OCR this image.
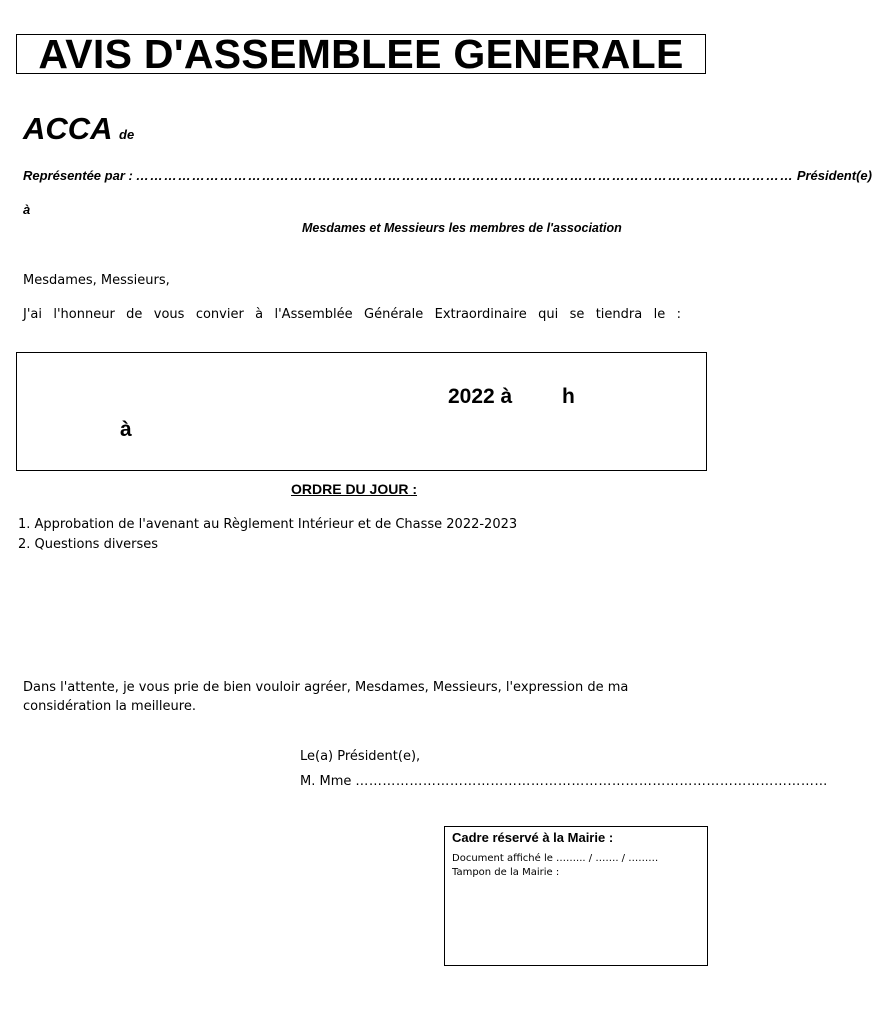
AVIS D'ASSEMBLEE GENERALE
ACCA de
Représentée par : …………………………………………………………………………………………………………………………… Président(e)
à
Mesdames et Messieurs les membres de l'association
Mesdames, Messieurs,
J'ai l'honneur de vous convier à l'Assemblée Générale Extraordinaire qui se tiendra le :
2022 à h
à
ORDRE DU JOUR :
1. Approbation de l'avenant au Règlement Intérieur et de Chasse 2022-2023
2. Questions diverses
Dans l'attente, je vous prie de bien vouloir agréer, Mesdames, Messieurs, l'expression de ma considération la meilleure.
Le(a) Président(e),
M. Mme ……………………………………………………………………………………………
Cadre réservé à la Mairie :
Document affiché le ……... / ……. / ………
Tampon de la Mairie :
